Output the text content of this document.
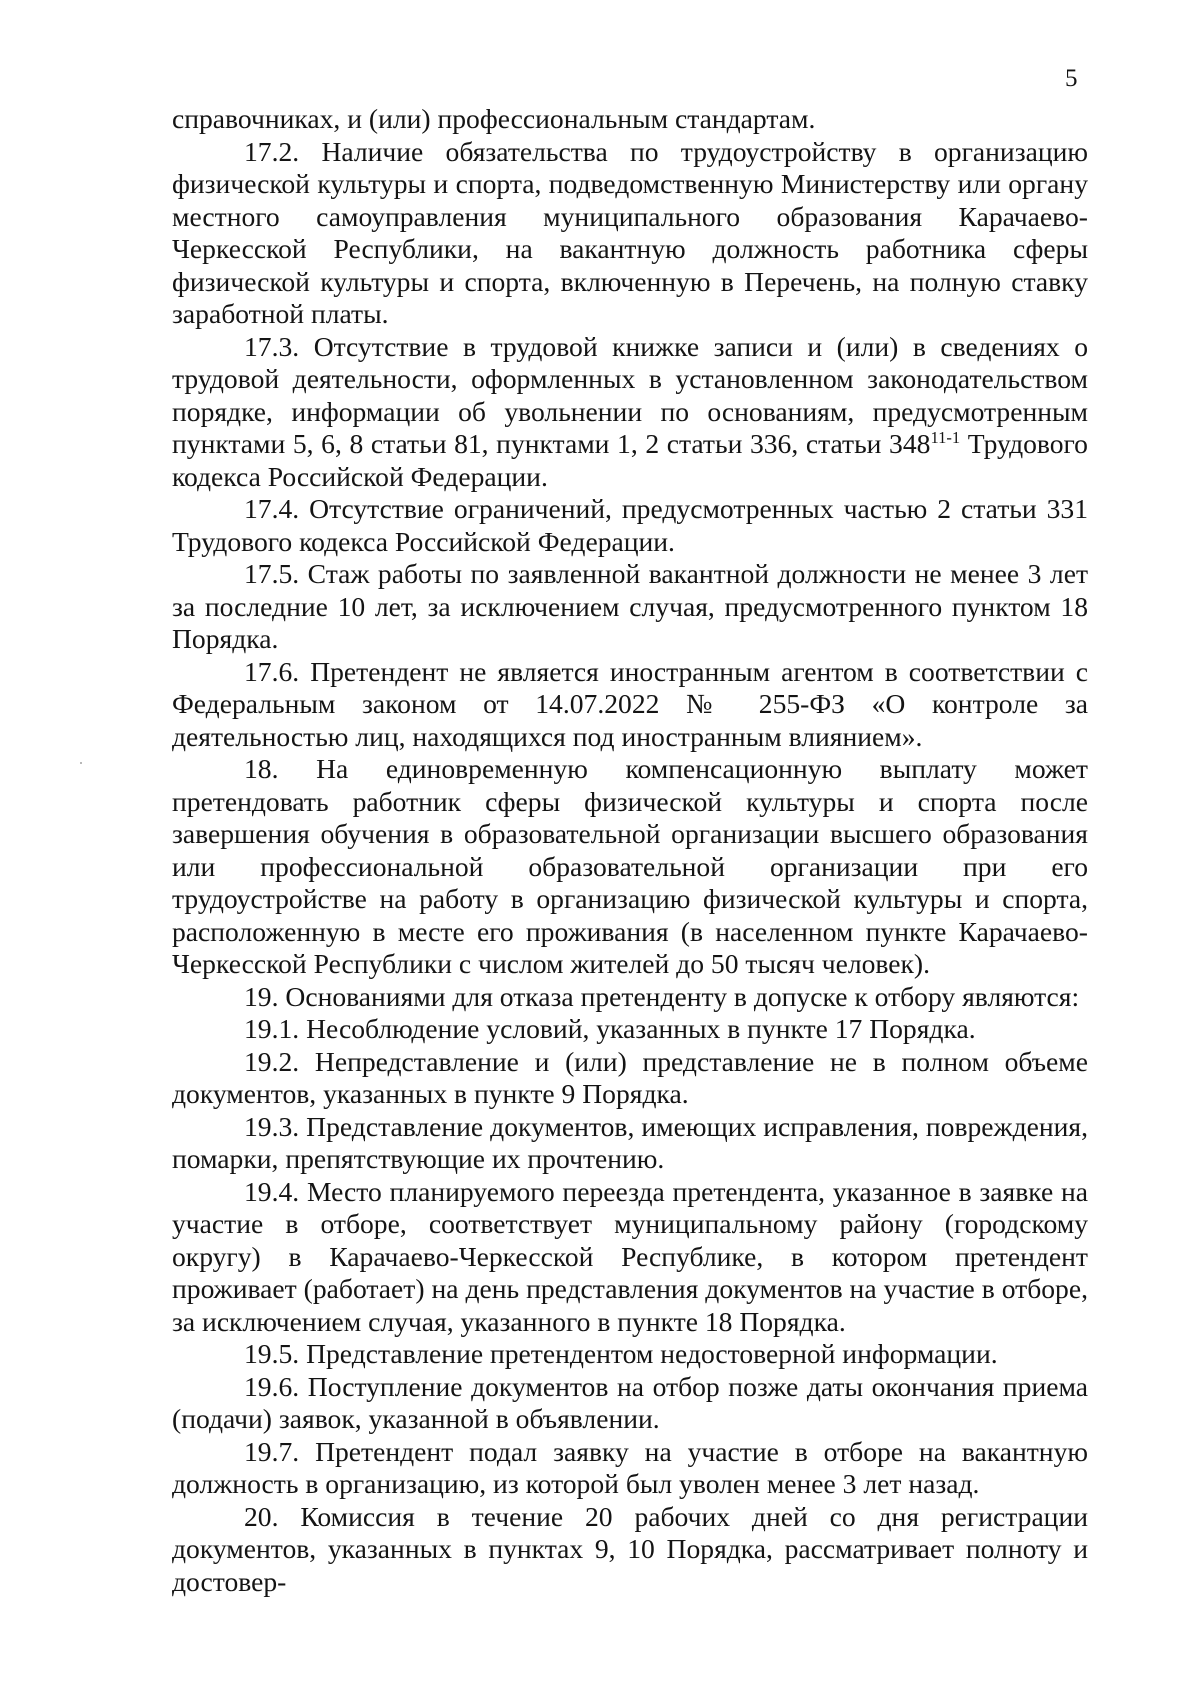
5

справочниках, и (или) профессиональным стандартам.

17.2. Наличие обязательства по трудоустройству в организацию физической культуры и спорта, подведомственную Министерству или органу местного самоуправления муниципального образования Карачаево-Черкесской Республики, на вакантную должность работника сферы физической культуры и спорта, включенную в Перечень, на полную ставку заработной платы.

17.3. Отсутствие в трудовой книжке записи и (или) в сведениях о трудовой деятельности, оформленных в установленном законодательством порядке, информации об увольнении по основаниям, предусмотренным пунктами 5, 6, 8 статьи 81, пунктами 1, 2 статьи 336, статьи 348$^{11-1}$ Трудового кодекса Российской Федерации.

17.4. Отсутствие ограничений, предусмотренных частью 2 статьи 331 Трудового кодекса Российской Федерации.

17.5. Стаж работы по заявленной вакантной должности не менее 3 лет за последние 10 лет, за исключением случая, предусмотренного пунктом 18 Порядка.

17.6. Претендент не является иностранным агентом в соответствии с Федеральным законом от 14.07.2022 № 255-ФЗ «О контроле за деятельностью лиц, находящихся под иностранным влиянием».

18. На единовременную компенсационную выплату может претендовать работник сферы физической культуры и спорта после завершения обучения в образовательной организации высшего образования или профессиональной образовательной организации при его трудоустройстве на работу в организацию физической культуры и спорта, расположенную в месте его проживания (в населенном пункте Карачаево-Черкесской Республики с числом жителей до 50 тысяч человек).

19. Основаниями для отказа претенденту в допуске к отбору являются:

19.1. Несоблюдение условий, указанных в пункте 17 Порядка.

19.2. Непредставление и (или) представление не в полном объеме документов, указанных в пункте 9 Порядка.

19.3. Представление документов, имеющих исправления, повреждения, помарки, препятствующие их прочтению.

19.4. Место планируемого переезда претендента, указанное в заявке на участие в отборе, соответствует муниципальному району (городскому округу) в Карачаево-Черкесской Республике, в котором претендент проживает (работает) на день представления документов на участие в отборе, за исключением случая, указанного в пункте 18 Порядка.

19.5. Представление претендентом недостоверной информации.

19.6. Поступление документов на отбор позже даты окончания приема (подачи) заявок, указанной в объявлении.

19.7. Претендент подал заявку на участие в отборе на вакантную должность в организацию, из которой был уволен менее 3 лет назад.

20. Комиссия в течение 20 рабочих дней со дня регистрации документов, указанных в пунктах 9, 10 Порядка, рассматривает полноту и достовер-
